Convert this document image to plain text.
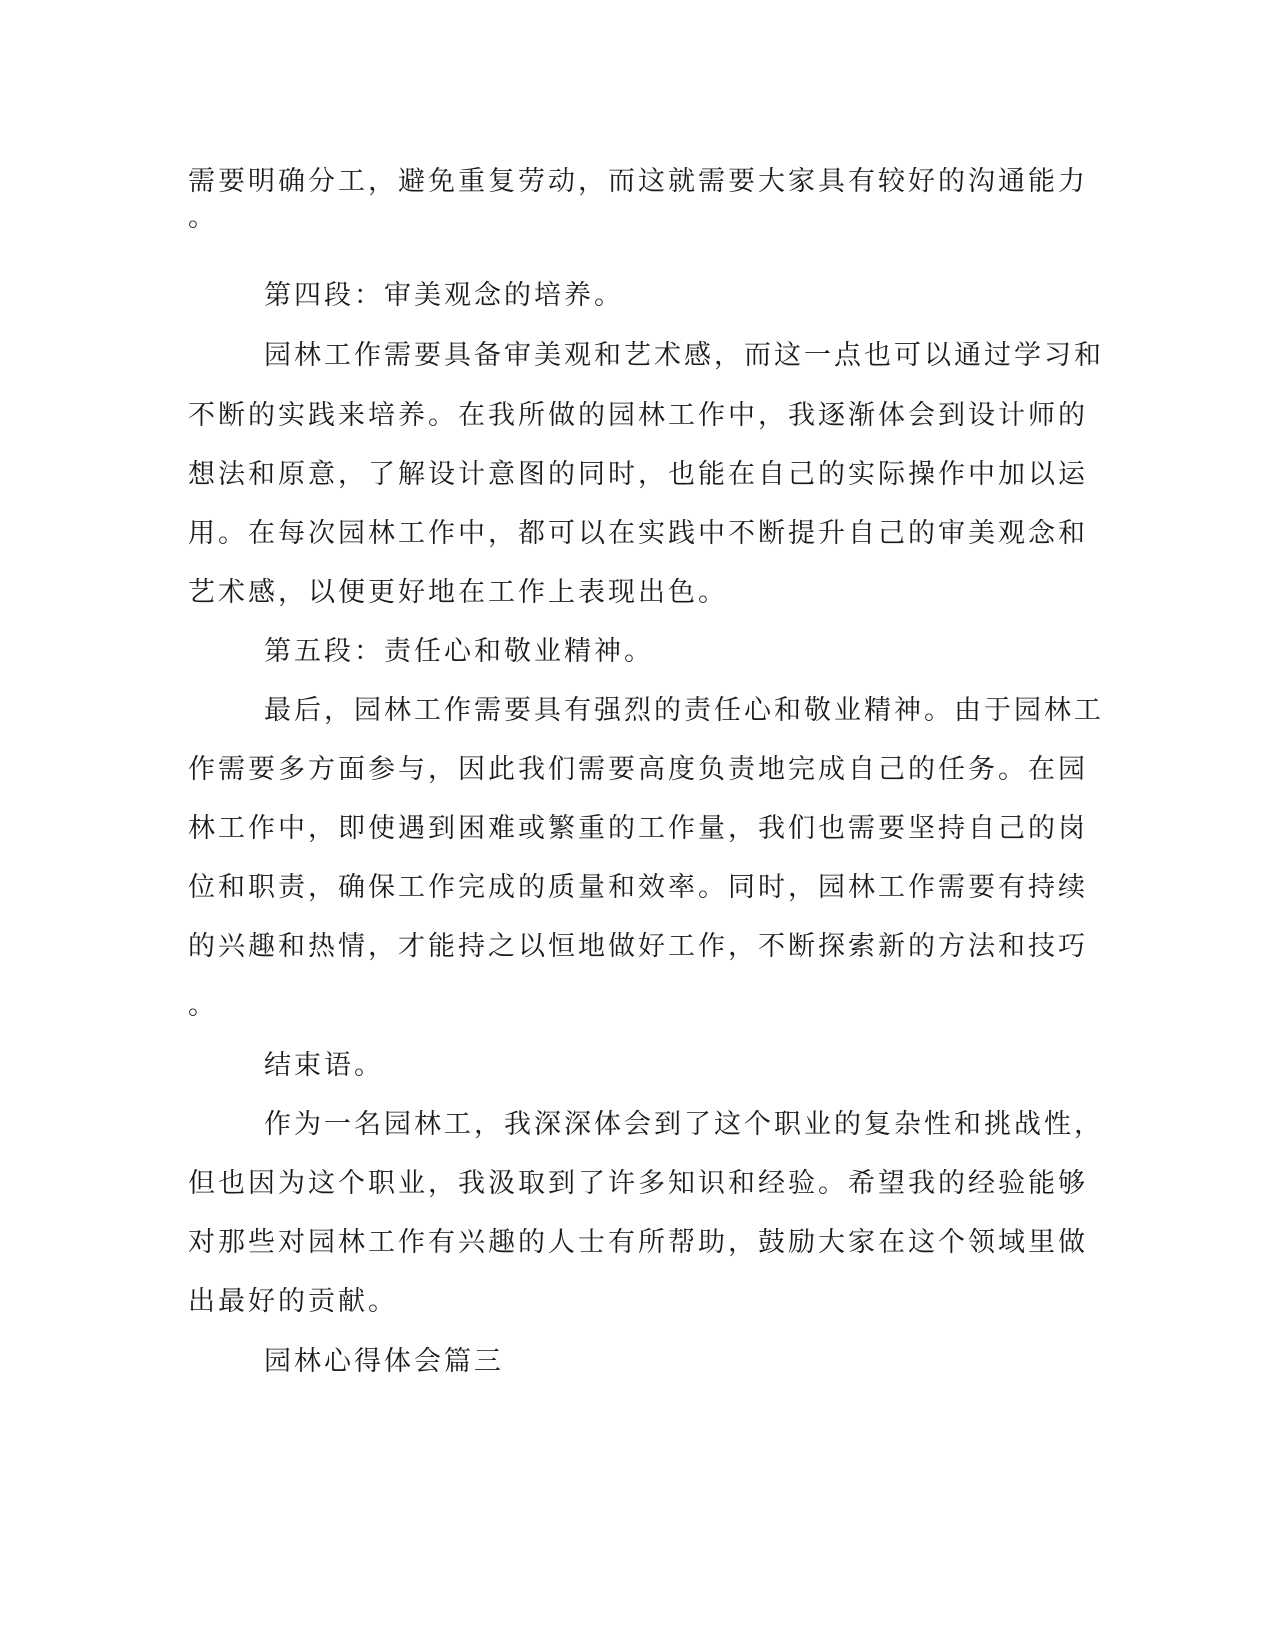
需要明确分工，避免重复劳动，而这就需要大家具有较好的沟通能力
。
第四段：审美观念的培养。
园林工作需要具备审美观和艺术感，而这一点也可以通过学习和
不断的实践来培养。在我所做的园林工作中，我逐渐体会到设计师的
想法和原意，了解设计意图的同时，也能在自己的实际操作中加以运
用。在每次园林工作中，都可以在实践中不断提升自己的审美观念和
艺术感，以便更好地在工作上表现出色。
第五段：责任心和敬业精神。
最后，园林工作需要具有强烈的责任心和敬业精神。由于园林工
作需要多方面参与，因此我们需要高度负责地完成自己的任务。在园
林工作中，即使遇到困难或繁重的工作量，我们也需要坚持自己的岗
位和职责，确保工作完成的质量和效率。同时，园林工作需要有持续
的兴趣和热情，才能持之以恒地做好工作，不断探索新的方法和技巧
。
结束语。
作为一名园林工，我深深体会到了这个职业的复杂性和挑战性，
但也因为这个职业，我汲取到了许多知识和经验。希望我的经验能够
对那些对园林工作有兴趣的人士有所帮助，鼓励大家在这个领域里做
出最好的贡献。
园林心得体会篇三
